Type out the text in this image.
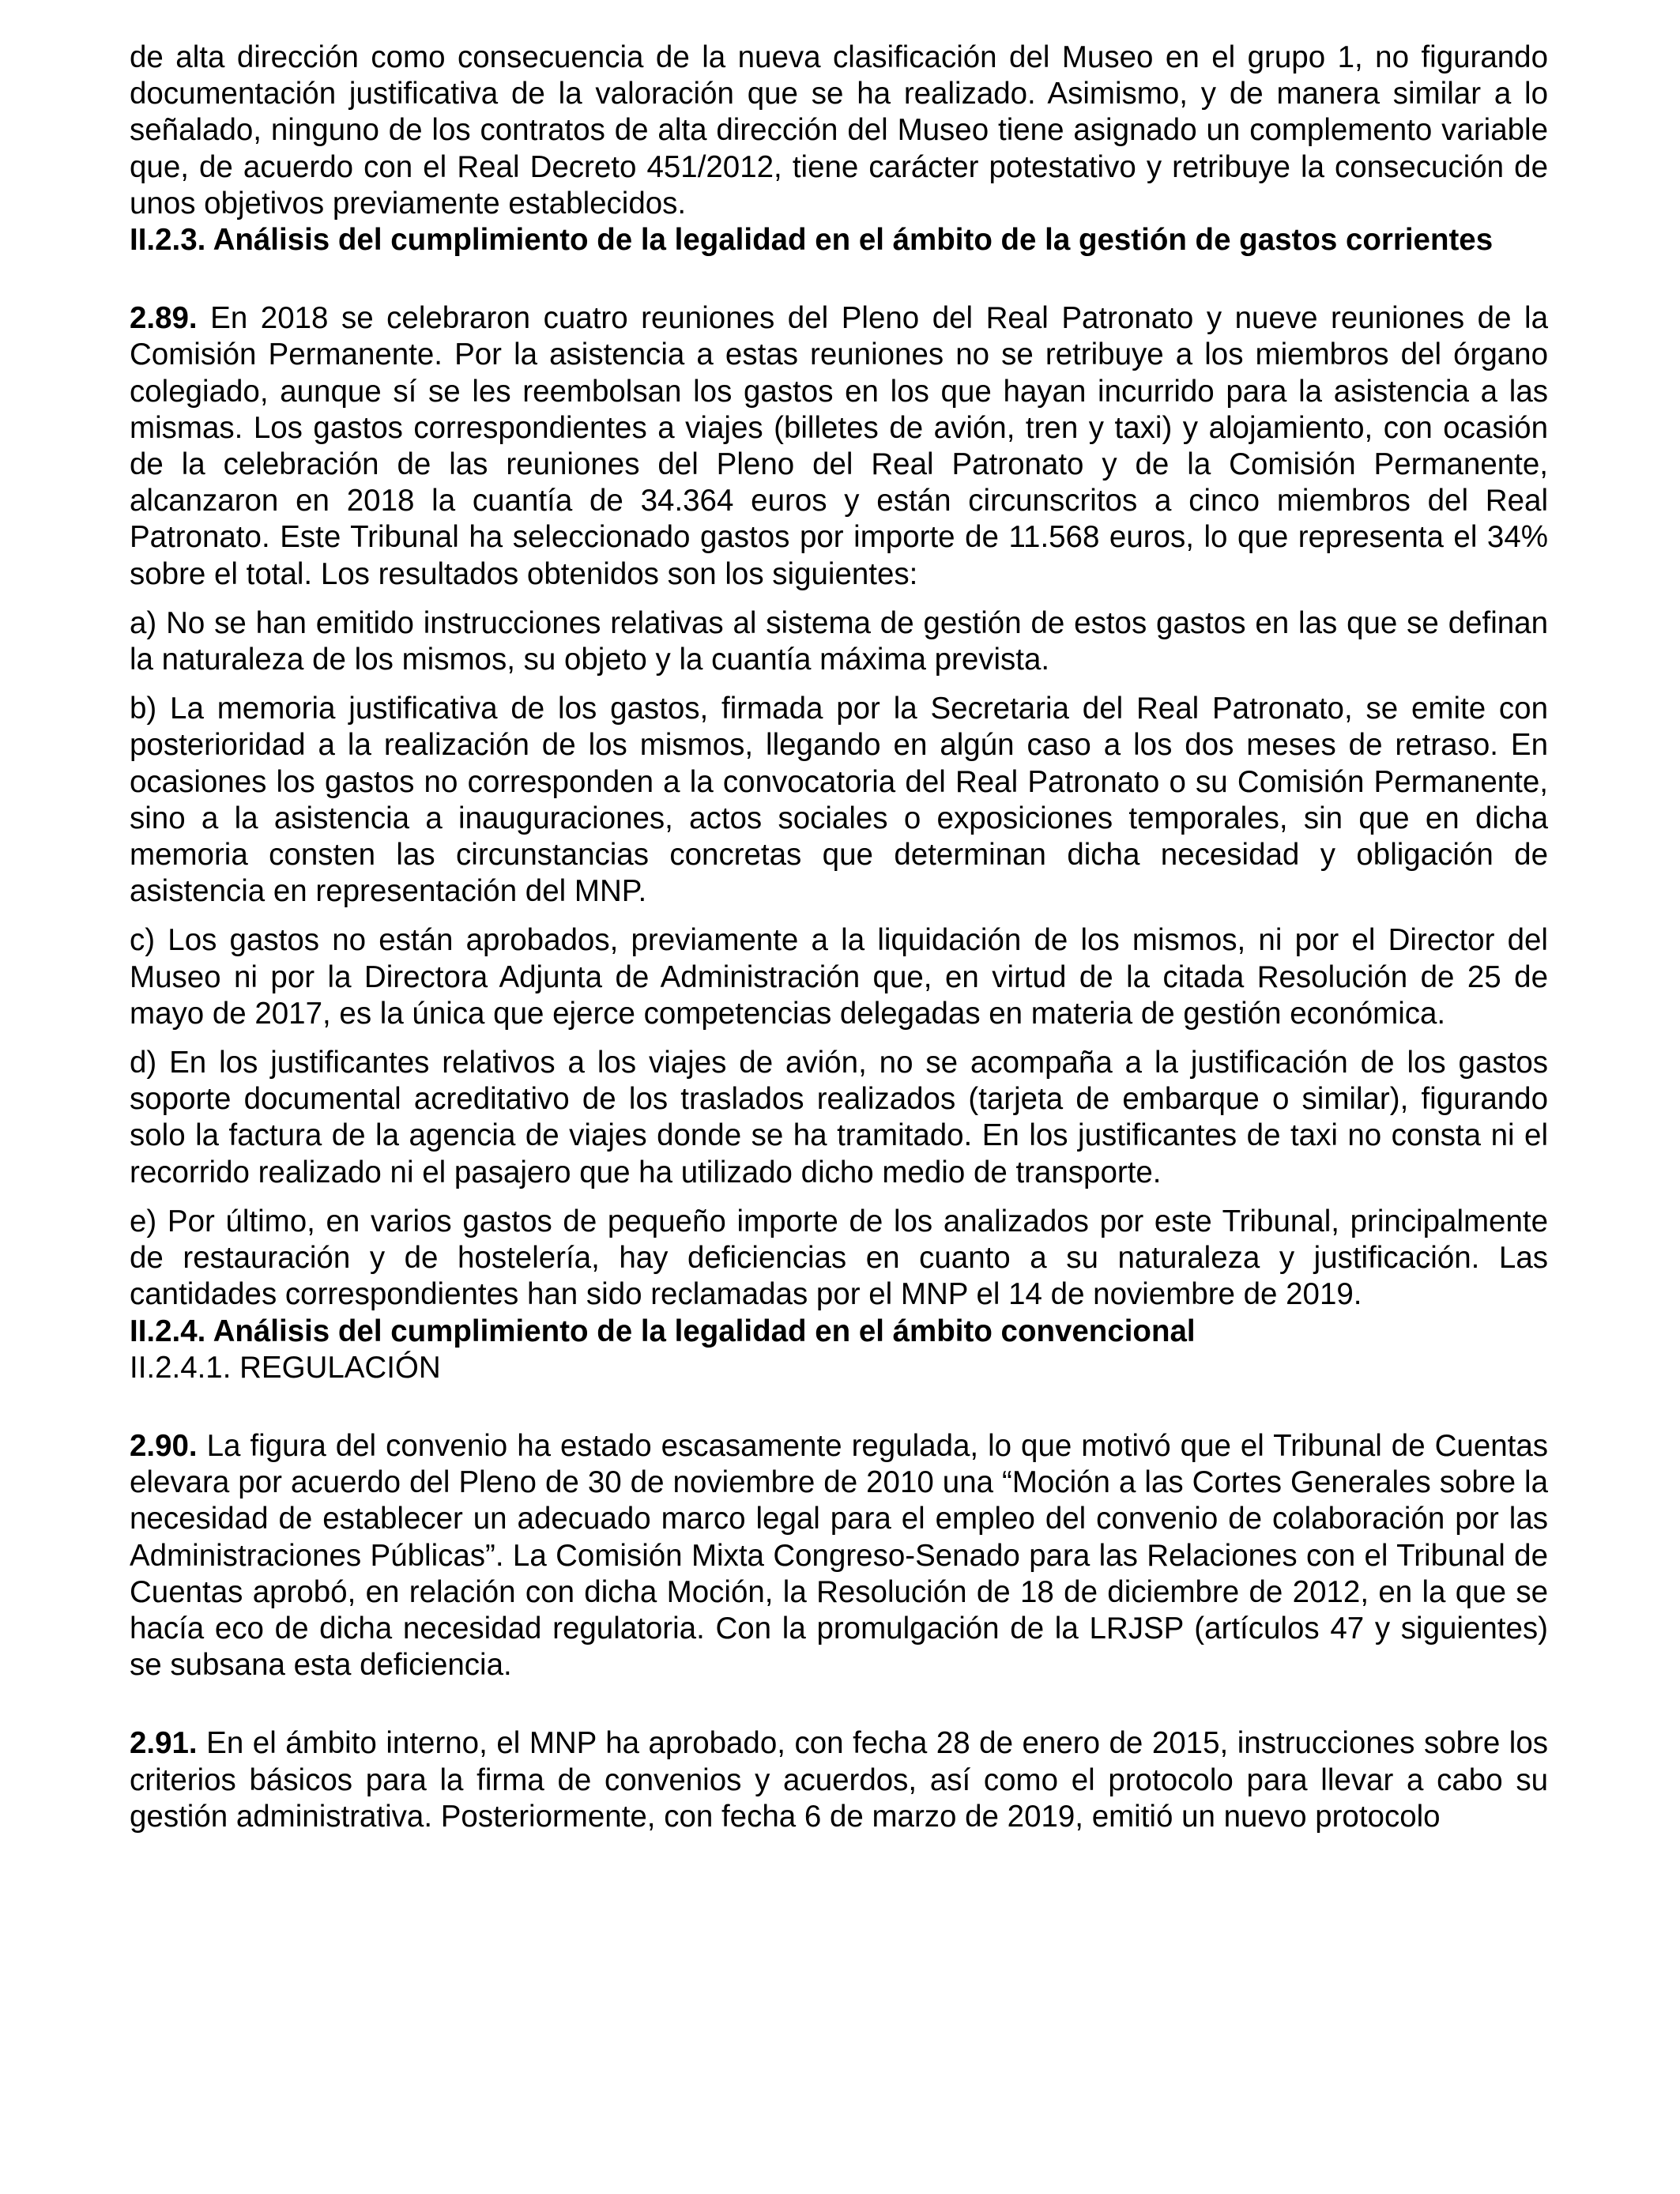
de alta dirección como consecuencia de la nueva clasificación del Museo en el grupo 1, no figurando documentación justificativa de la valoración que se ha realizado. Asimismo, y de manera similar a lo señalado, ninguno de los contratos de alta dirección del Museo tiene asignado un complemento variable que, de acuerdo con el Real Decreto 451/2012, tiene carácter potestativo y retribuye la consecución de unos objetivos previamente establecidos.

II.2.3. Análisis del cumplimiento de la legalidad en el ámbito de la gestión de gastos corrientes

2.89. En 2018 se celebraron cuatro reuniones del Pleno del Real Patronato y nueve reuniones de la Comisión Permanente. Por la asistencia a estas reuniones no se retribuye a los miembros del órgano colegiado, aunque sí se les reembolsan los gastos en los que hayan incurrido para la asistencia a las mismas. Los gastos correspondientes a viajes (billetes de avión, tren y taxi) y alojamiento, con ocasión de la celebración de las reuniones del Pleno del Real Patronato y de la Comisión Permanente, alcanzaron en 2018 la cuantía de 34.364 euros y están circunscritos a cinco miembros del Real Patronato. Este Tribunal ha seleccionado gastos por importe de 11.568 euros, lo que representa el 34% sobre el total. Los resultados obtenidos son los siguientes:

a) No se han emitido instrucciones relativas al sistema de gestión de estos gastos en las que se definan la naturaleza de los mismos, su objeto y la cuantía máxima prevista.

b) La memoria justificativa de los gastos, firmada por la Secretaria del Real Patronato, se emite con posterioridad a la realización de los mismos, llegando en algún caso a los dos meses de retraso. En ocasiones los gastos no corresponden a la convocatoria del Real Patronato o su Comisión Permanente, sino a la asistencia a inauguraciones, actos sociales o exposiciones temporales, sin que en dicha memoria consten las circunstancias concretas que determinan dicha necesidad y obligación de asistencia en representación del MNP.

c) Los gastos no están aprobados, previamente a la liquidación de los mismos, ni por el Director del Museo ni por la Directora Adjunta de Administración que, en virtud de la citada Resolución de 25 de mayo de 2017, es la única que ejerce competencias delegadas en materia de gestión económica.

d) En los justificantes relativos a los viajes de avión, no se acompaña a la justificación de los gastos soporte documental acreditativo de los traslados realizados (tarjeta de embarque o similar), figurando solo la factura de la agencia de viajes donde se ha tramitado. En los justificantes de taxi no consta ni el recorrido realizado ni el pasajero que ha utilizado dicho medio de transporte.

e) Por último, en varios gastos de pequeño importe de los analizados por este Tribunal, principalmente de restauración y de hostelería, hay deficiencias en cuanto a su naturaleza y justificación. Las cantidades correspondientes han sido reclamadas por el MNP el 14 de noviembre de 2019.

II.2.4. Análisis del cumplimiento de la legalidad en el ámbito convencional

II.2.4.1. REGULACIÓN

2.90. La figura del convenio ha estado escasamente regulada, lo que motivó que el Tribunal de Cuentas elevara por acuerdo del Pleno de 30 de noviembre de 2010 una “Moción a las Cortes Generales sobre la necesidad de establecer un adecuado marco legal para el empleo del convenio de colaboración por las Administraciones Públicas”. La Comisión Mixta Congreso-Senado para las Relaciones con el Tribunal de Cuentas aprobó, en relación con dicha Moción, la Resolución de 18 de diciembre de 2012, en la que se hacía eco de dicha necesidad regulatoria. Con la promulgación de la LRJSP (artículos 47 y siguientes) se subsana esta deficiencia.

2.91. En el ámbito interno, el MNP ha aprobado, con fecha 28 de enero de 2015, instrucciones sobre los criterios básicos para la firma de convenios y acuerdos, así como el protocolo para llevar a cabo su gestión administrativa. Posteriormente, con fecha 6 de marzo de 2019, emitió un nuevo protocolo
